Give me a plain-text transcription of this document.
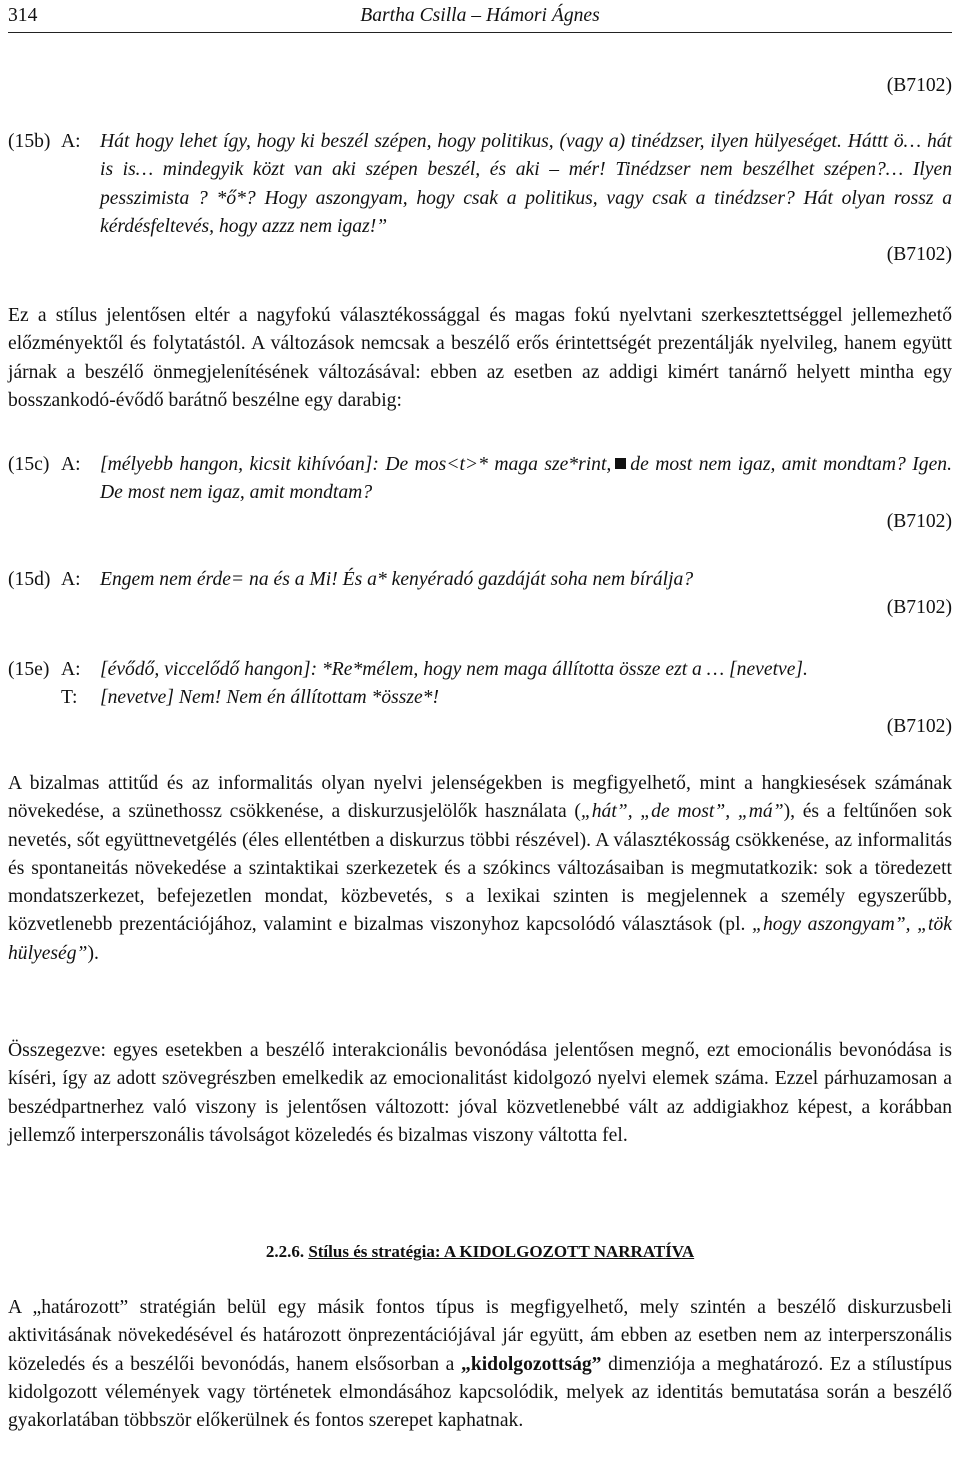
314	Bartha Csilla – Hámori Ágnes
(B7102)
(15b) A: Hát hogy lehet így, hogy ki beszél szépen, hogy politikus, (vagy a) tinédzser, ilyen hülyeséget. Háttt ö… hát is is… mindegyik közt van aki szépen beszél, és aki – mér! Tinédzser nem beszélhet szépen?… Ilyen pesszimista ? *ő*? Hogy aszongyam, hogy csak a politikus, vagy csak a tinédzser? Hát olyan rossz a kérdésfeltevés, hogy azzz nem igaz!”
(B7102)
Ez a stílus jelentősen eltér a nagyfokú választékossággal és magas fokú nyelvtani szerkesztettséggel jellemezhető előzményektől és folytatástól. A változások nemcsak a beszélő erős érintettségét prezentálják nyelvileg, hanem együtt járnak a beszélő önmegjelenítésének változásával: ebben az esetben az addigi kimért tanárnő helyett mintha egy bosszankodó-évődő barátnő beszélne egy darabig:
(15c) A: [mélyebb hangon, kicsit kihívóan]: De mos<t>* maga sze*rint, de most nem igaz, amit mondtam? Igen. De most nem igaz, amit mondtam?
(B7102)
(15d) A: Engem nem érde= na és a Mi! És a* kenyéradó gazdáját soha nem bírálja?
(B7102)
(15e) A: [évődő, viccelődő hangon]: *Re*mélem, hogy nem maga állította össze ezt a … [nevetve].
T: [nevetve] Nem! Nem én állítottam *össze*!
(B7102)
A bizalmas attitűd és az informalitás olyan nyelvi jelenségekben is megfigyelhető, mint a hangkiesések számának növekedése, a szünethossz csökkenése, a diskurzusjelölők használata („hát”, „de most”, „má”), és a feltűnően sok nevetés, sőt együttnevetgélés (éles ellentétben a diskurzus többi részével). A választékosság csökkenése, az informalitás és spontaneitás növekedése a szintaktikai szerkezetek és a szókincs változásaiban is megmutatkozik: sok a töredezett mondatszerkezet, befejezetlen mondat, közbevetés, s a lexikai szinten is megjelennek a személy egyszerűbb, közvetlenebb prezentációjához, valamint e bizalmas viszonyhoz kapcsolódó választások (pl. „hogy aszongyam”, „tök hülyeség”).
Összegezve: egyes esetekben a beszélő interakcionális bevonódása jelentősen megnő, ezt emocionális bevonódása is kíséri, így az adott szövegrészben emelkedik az emocionalitást kidolgozó nyelvi elemek száma. Ezzel párhuzamosan a beszédpartnerhez való viszony is jelentősen változott: jóval közvetlenebbé vált az addigiakhoz képest, a korábban jellemző interperszonális távolságot közeledés és bizalmas viszony váltotta fel.
2.2.6. Stílus és stratégia: A KIDOLGOZOTT NARRATÍVA
A „határozott” stratégián belül egy másik fontos típus is megfigyelhető, mely szintén a beszélő diskurzusbeli aktivitásának növekedésével és határozott önprezentációjával jár együtt, ám ebben az esetben nem az interperszonális közeledés és a beszélői bevonódás, hanem elsősorban a „kidolgozottság” dimenziója a meghatározó. Ez a stílustípus kidolgozott vélemények vagy történetek elmondásához kapcsolódik, melyek az identitás bemutatása során a beszélő gyakorlatában többször előkerülnek és fontos szerepet kaphatnak.
